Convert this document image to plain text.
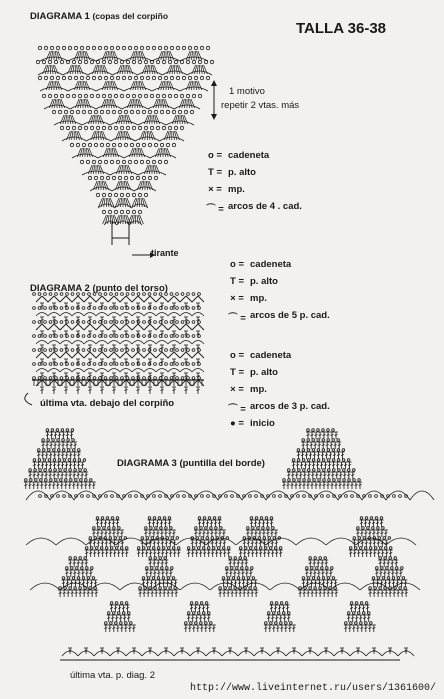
DIAGRAMA 1 (copas del corpiño
TALLA 36-38
1 motivo
repetir 2 vtas. más
tirante
o = cadeneta
T = p. alto
× = mp.
⌒ = arcos de 4 . cad.
DIAGRAMA 2 (punto del torso)
o = cadeneta
T = p. alto
× = mp.
⌒ = arcos de 5 p. cad.
última vta. debajo del corpiño
o = cadeneta
T = p. alto
× = mp.
⌒ = arcos de 3 p. cad.
● = inicio
DIAGRAMA 3 (puntilla del borde)
última vta. p. diag. 2
http://www.liveinternet.ru/users/1361600/
